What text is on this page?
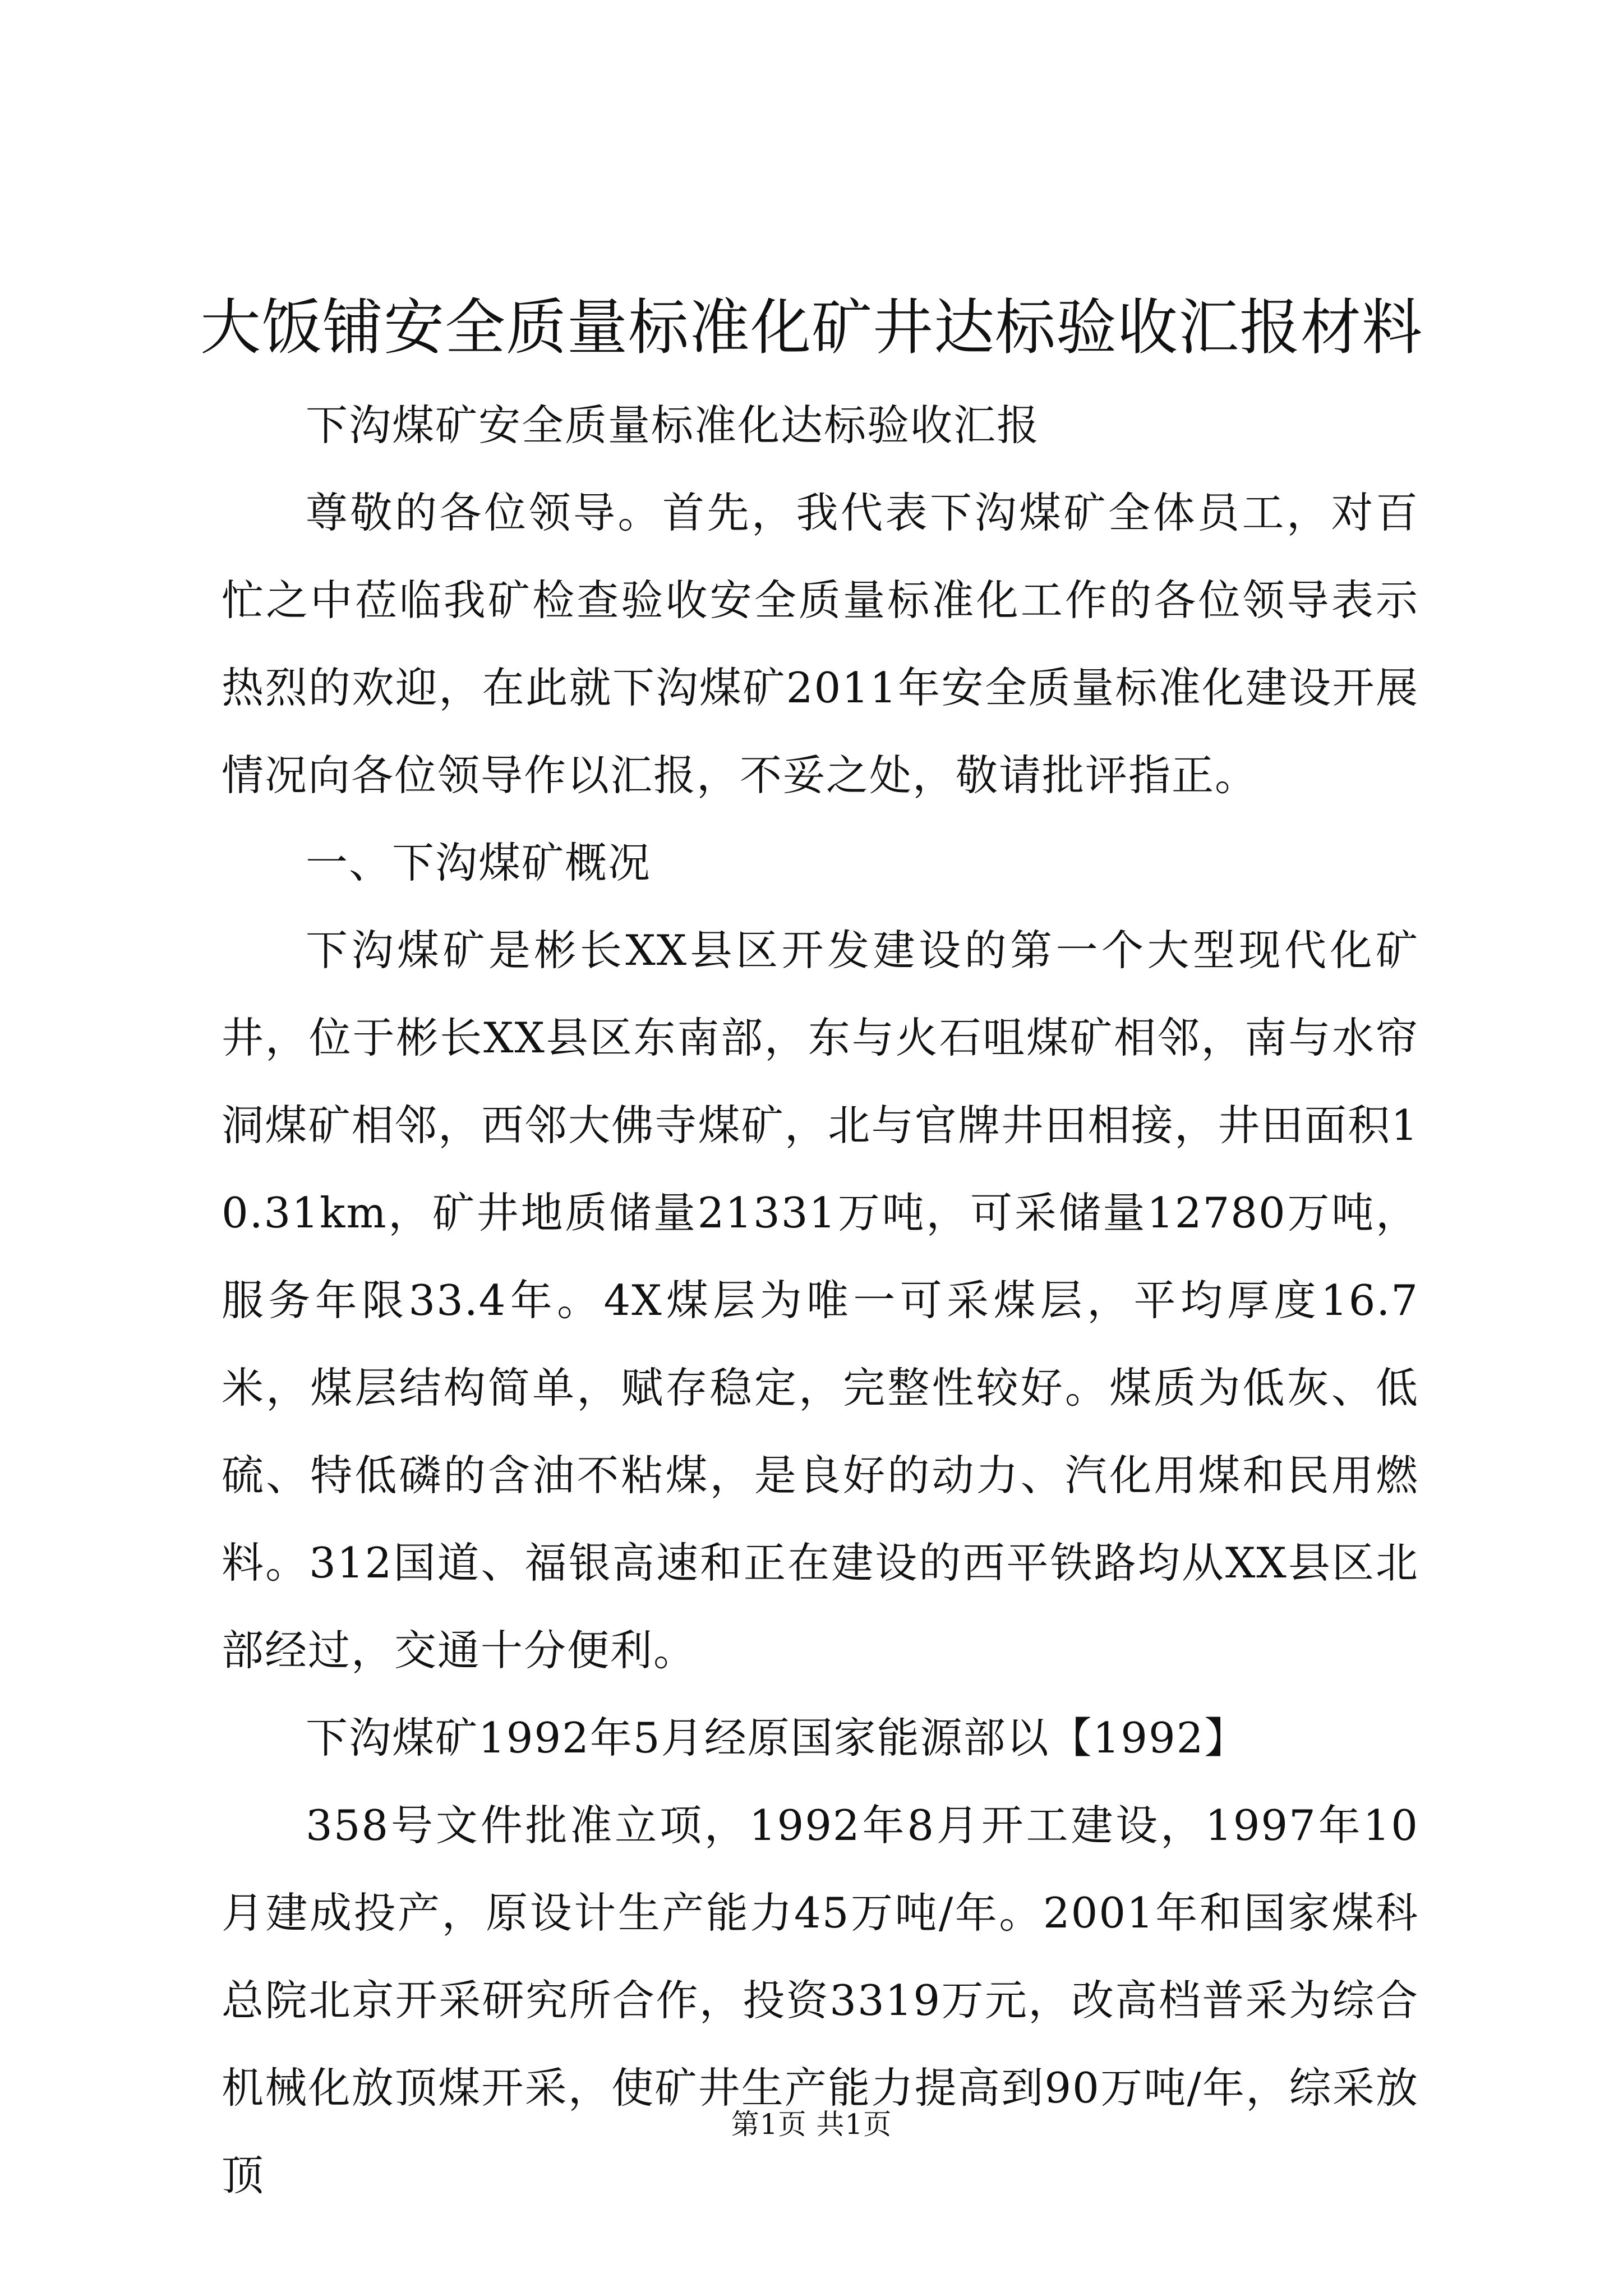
大饭铺安全质量标准化矿井达标验收汇报材料

下沟煤矿安全质量标准化达标验收汇报

尊敬的各位领导。首先，我代表下沟煤矿全体员工，对百忙之中莅临我矿检查验收安全质量标准化工作的各位领导表示热烈的欢迎，在此就下沟煤矿2011年安全质量标准化建设开展情况向各位领导作以汇报，不妥之处，敬请批评指正。

一、下沟煤矿概况

下沟煤矿是彬长XX县区开发建设的第一个大型现代化矿井，位于彬长XX县区东南部，东与火石咀煤矿相邻，南与水帘洞煤矿相邻，西邻大佛寺煤矿，北与官牌井田相接，井田面积10.31km，矿井地质储量21331万吨，可采储量12780万吨，服务年限33.4年。4X煤层为唯一可采煤层，平均厚度16.7米，煤层结构简单，赋存稳定，完整性较好。煤质为低灰、低硫、特低磷的含油不粘煤，是良好的动力、汽化用煤和民用燃料。312国道、福银高速和正在建设的西平铁路均从XX县区北部经过，交通十分便利。

下沟煤矿1992年5月经原国家能源部以【1992】

358号文件批准立项，1992年8月开工建设，1997年10月建成投产，原设计生产能力45万吨/年。2001年和国家煤科总院北京开采研究所合作，投资3319万元，改高档普采为综合机械化放顶煤开采，使矿井生产能力提高到90万吨/年，综采放顶

第1页 共1页
